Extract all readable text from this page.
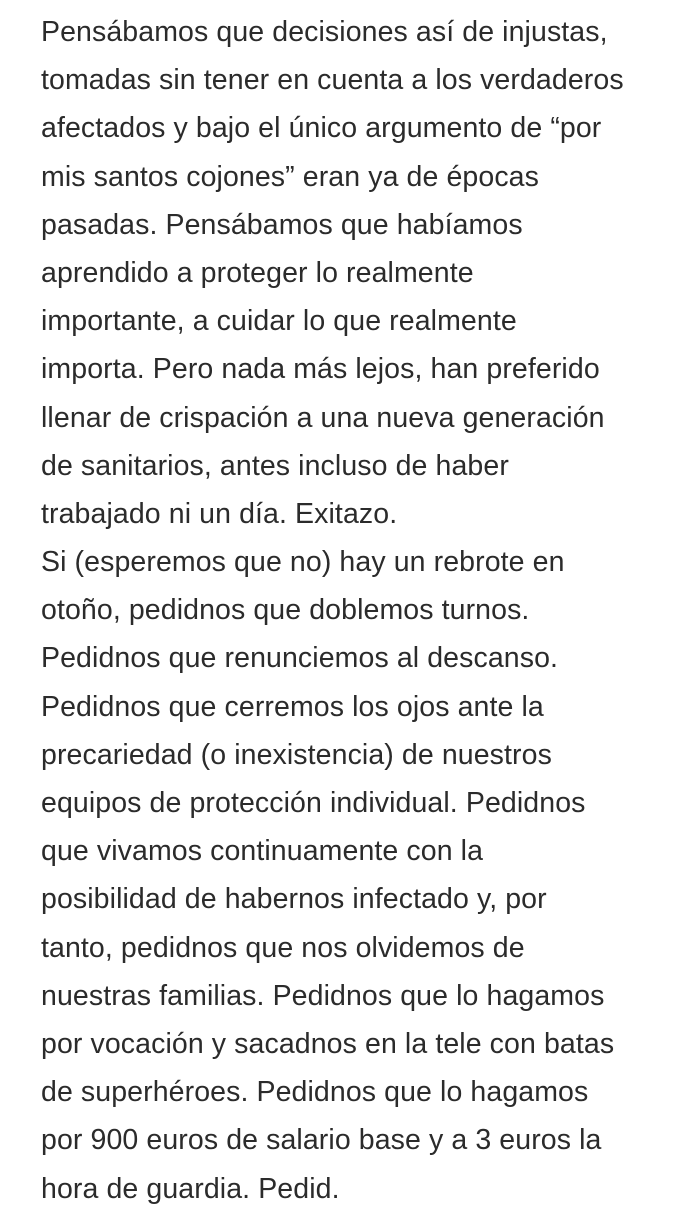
Pensábamos que decisiones así de injustas,
tomadas sin tener en cuenta a los verdaderos
afectados y bajo el único argumento de “por
mis santos cojones” eran ya de épocas
pasadas. Pensábamos que habíamos
aprendido a proteger lo realmente
importante, a cuidar lo que realmente
importa. Pero nada más lejos, han preferido
llenar de crispación a una nueva generación
de sanitarios, antes incluso de haber
trabajado ni un día. Exitazo.
Si (esperemos que no) hay un rebrote en
otoño, pedidnos que doblemos turnos.
Pedidnos que renunciemos al descanso.
Pedidnos que cerremos los ojos ante la
precariedad (o inexistencia) de nuestros
equipos de protección individual. Pedidnos
que vivamos continuamente con la
posibilidad de habernos infectado y, por
tanto, pedidnos que nos olvidemos de
nuestras familias. Pedidnos que lo hagamos
por vocación y sacadnos en la tele con batas
de superhéroes. Pedidnos que lo hagamos
por 900 euros de salario base y a 3 euros la
hora de guardia. Pedid.
